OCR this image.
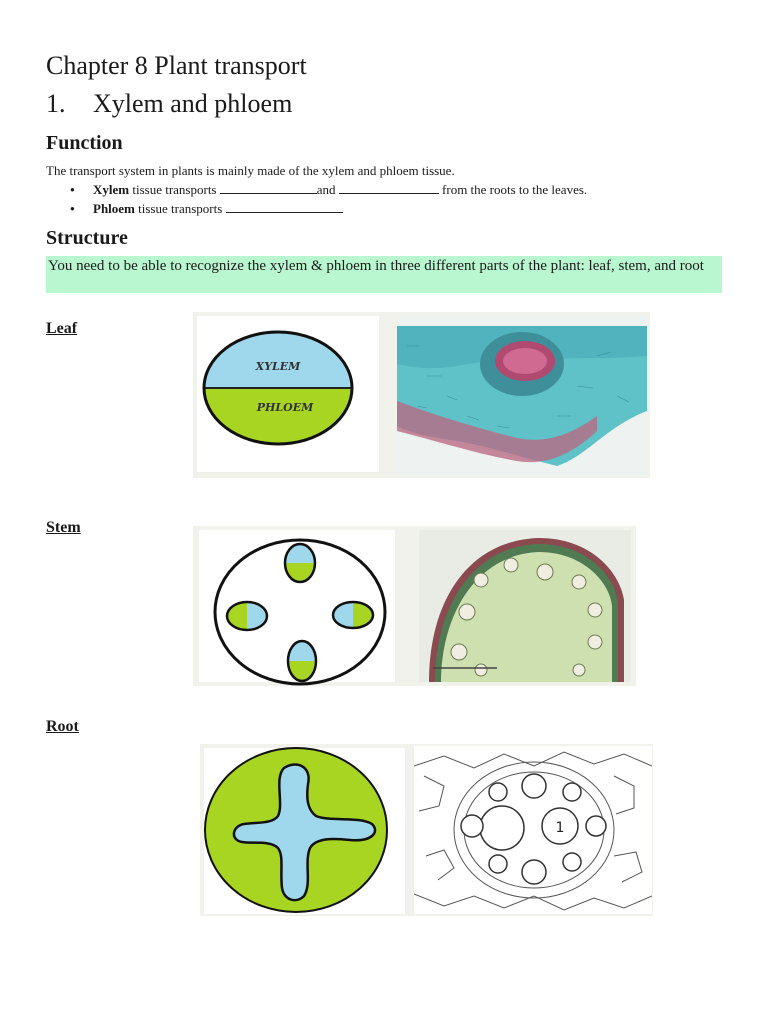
Chapter 8 Plant transport
1. Xylem and phloem
Function
The transport system in plants is mainly made of the xylem and phloem tissue.
● Xylem tissue transports	and	from the roots to the leaves.
● Phloem tissue transports
Structure
You need to be able to recognize the xylem & phloem in three different parts of the plant: leaf, stem, and root
Leaf
XYLEM
PHLOEM
Stem
Root
1
